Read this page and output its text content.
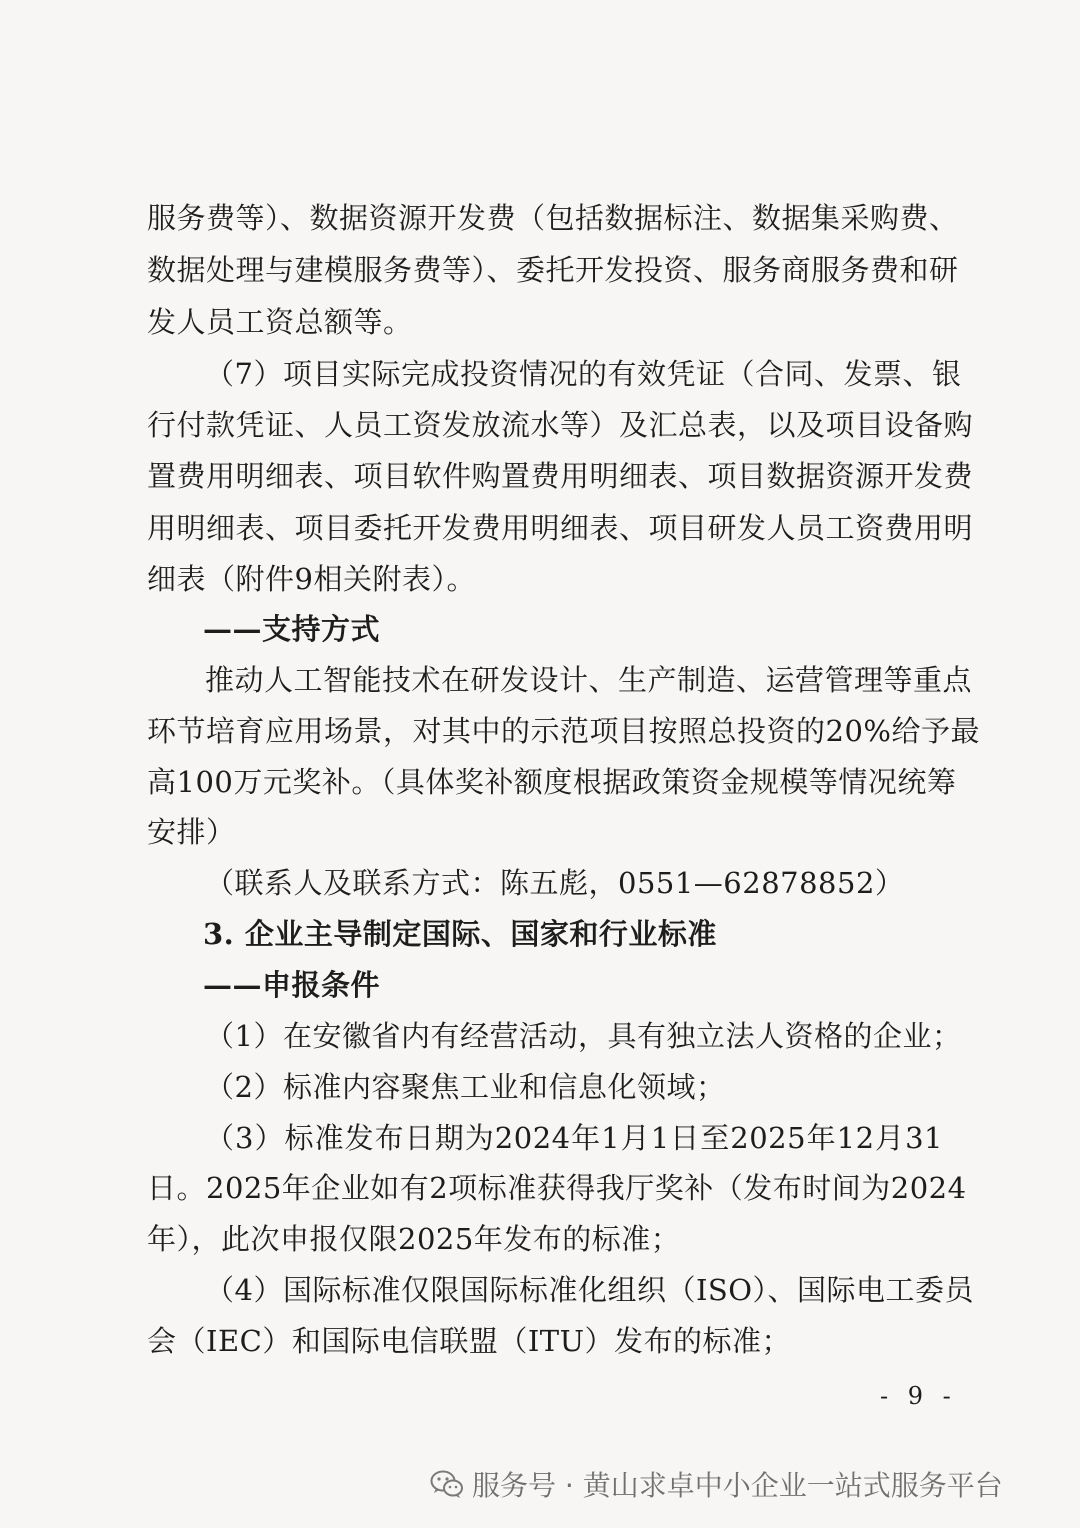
服务费等）、数据资源开发费（包括数据标注、数据集采购费、
数据处理与建模服务费等）、委托开发投资、服务商服务费和研
发人员工资总额等。
（7）项目实际完成投资情况的有效凭证（合同、发票、银
行付款凭证、人员工资发放流水等）及汇总表，以及项目设备购
置费用明细表、项目软件购置费用明细表、项目数据资源开发费
用明细表、项目委托开发费用明细表、项目研发人员工资费用明
细表（附件9相关附表）。
——支持方式
推动人工智能技术在研发设计、生产制造、运营管理等重点
环节培育应用场景，对其中的示范项目按照总投资的20%给予最
高100万元奖补。（具体奖补额度根据政策资金规模等情况统筹
安排）
（联系人及联系方式：陈五彪，0551—62878852）
3. 企业主导制定国际、国家和行业标准
——申报条件
（1）在安徽省内有经营活动，具有独立法人资格的企业；
（2）标准内容聚焦工业和信息化领域；
（3）标准发布日期为2024年1月1日至2025年12月31
日。2025年企业如有2项标准获得我厅奖补（发布时间为2024
年），此次申报仅限2025年发布的标准；
（4）国际标准仅限国际标准化组织（ISO）、国际电工委员
会（IEC）和国际电信联盟（ITU）发布的标准；
- 9 -
服务号 · 黄山求卓中小企业一站式服务平台
